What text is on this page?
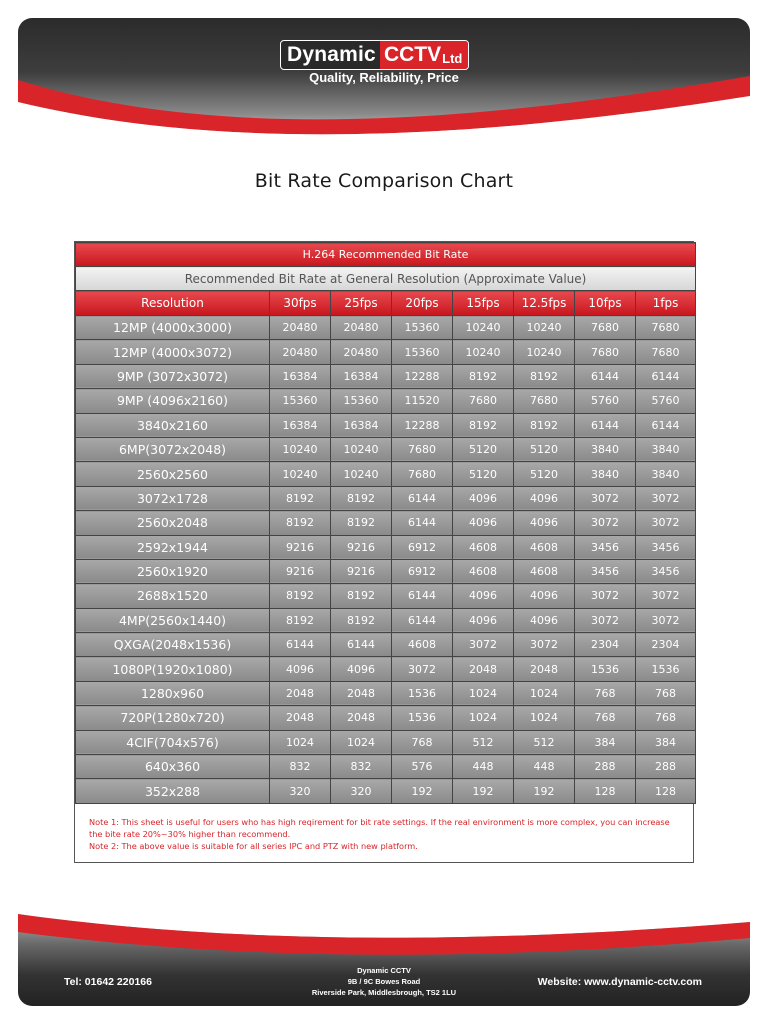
Dynamic CCTV Ltd
Quality, Reliability, Price
Bit Rate Comparison Chart
H.264 Recommended Bit Rate							
Recommended Bit Rate at General Resolution (Approximate Value)							
Resolution	30fps	25fps	20fps	15fps	12.5fps	10fps	1fps
12MP (4000x3000)	20480	20480	15360	10240	10240	7680	7680
12MP (4000x3072)	20480	20480	15360	10240	10240	7680	7680
9MP (3072x3072)	16384	16384	12288	8192	8192	6144	6144
9MP (4096x2160)	15360	15360	11520	7680	7680	5760	5760
3840x2160	16384	16384	12288	8192	8192	6144	6144
6MP(3072x2048)	10240	10240	7680	5120	5120	3840	3840
2560x2560	10240	10240	7680	5120	5120	3840	3840
3072x1728	8192	8192	6144	4096	4096	3072	3072
2560x2048	8192	8192	6144	4096	4096	3072	3072
2592x1944	9216	9216	6912	4608	4608	3456	3456
2560x1920	9216	9216	6912	4608	4608	3456	3456
2688x1520	8192	8192	6144	4096	4096	3072	3072
4MP(2560x1440)	8192	8192	6144	4096	4096	3072	3072
QXGA(2048x1536)	6144	6144	4608	3072	3072	2304	2304
1080P(1920x1080)	4096	4096	3072	2048	2048	1536	1536
1280x960	2048	2048	1536	1024	1024	768	768
720P(1280x720)	2048	2048	1536	1024	1024	768	768
4CIF(704x576)	1024	1024	768	512	512	384	384
640x360	832	832	576	448	448	288	288
352x288	320	320	192	192	192	128	128
Note 1: This sheet is useful for users who has high reqirement for bit rate settings. If the real environment is more complex, you can increase the bite rate 20%~30% higher than recommend.
Note 2: The above value is suitable for all series IPC and PTZ with new platform.
Tel: 01642 220166
Dynamic CCTV
9B / 9C Bowes Road
Riverside Park, Middlesbrough, TS2 1LU
Website: www.dynamic-cctv.com
